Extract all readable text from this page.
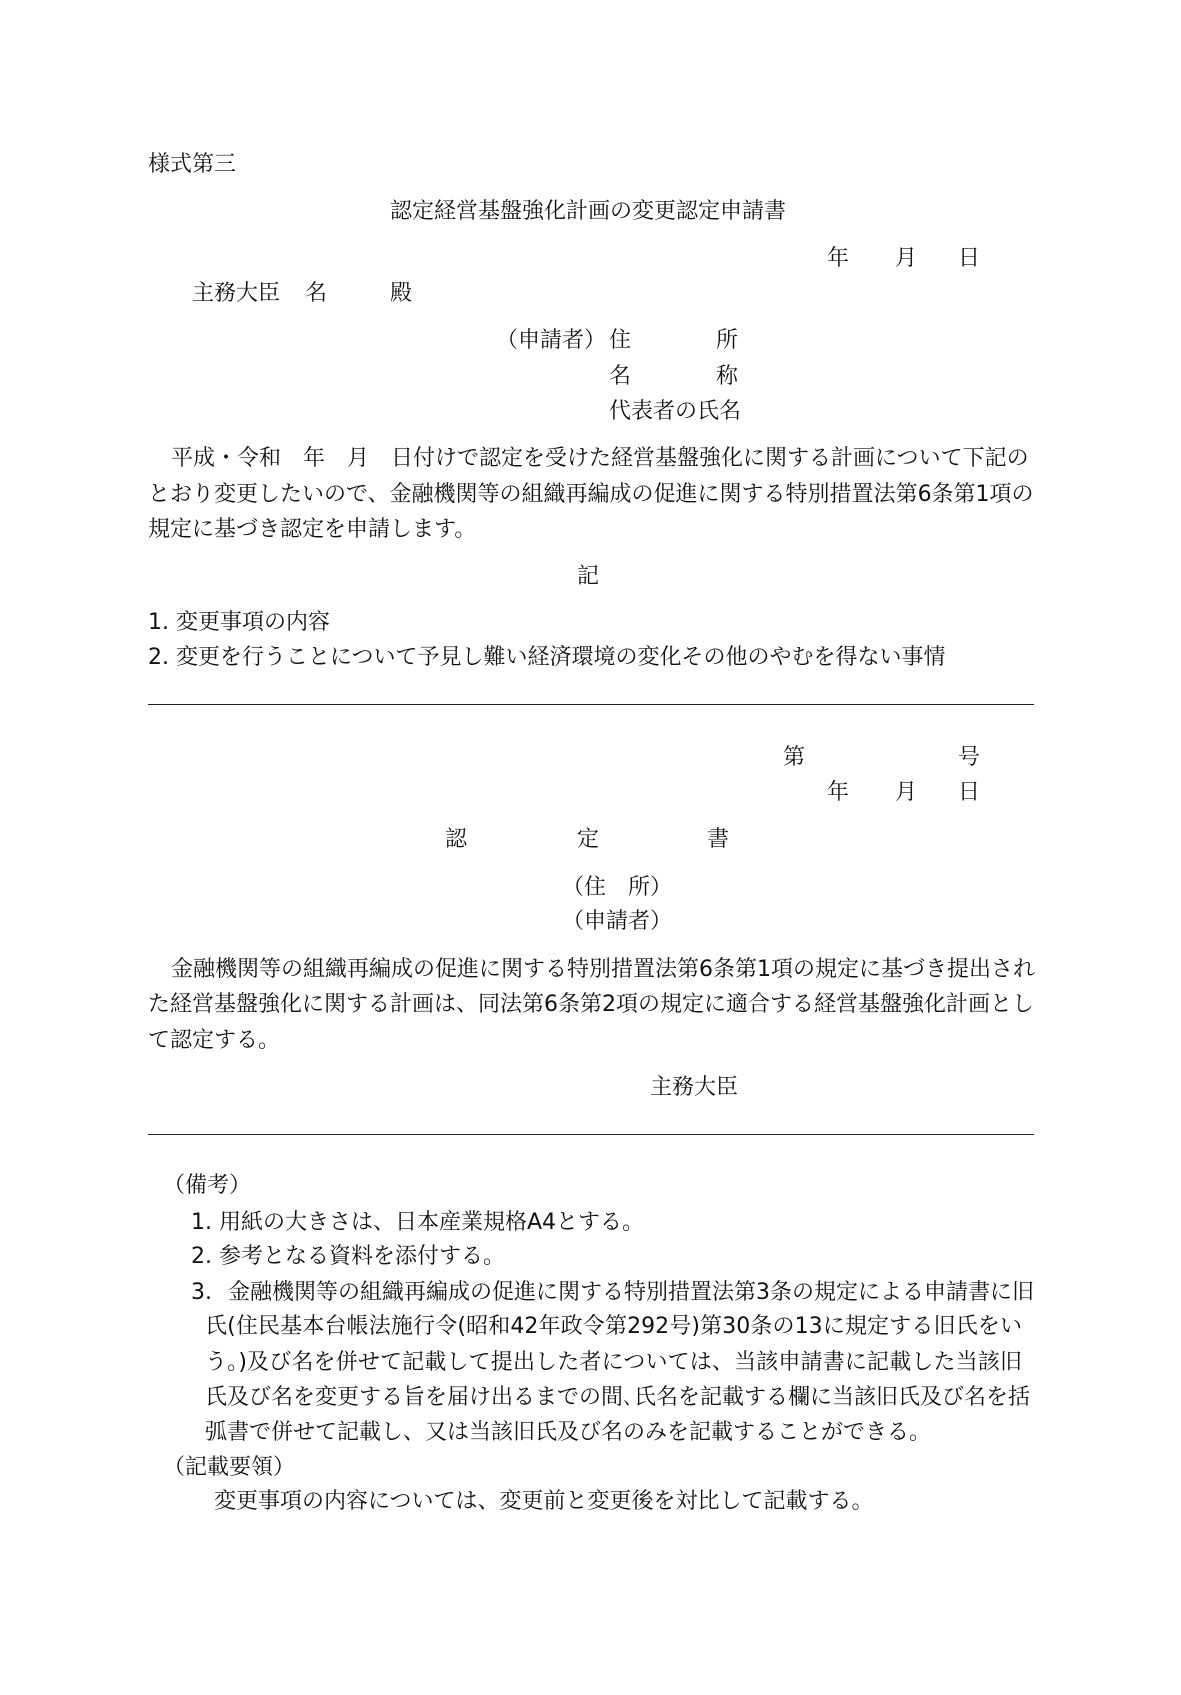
様式第三
認定経営基盤強化計画の変更認定申請書
年 月 日
主務大臣 名	殿
（申請者） 住	所
名	称
代表者の氏名
平成・令和　年　月　日付けで認定を受けた経営基盤強化に関する計画について下記の
とおり変更したいので、金融機関等の組織再編成の促進に関する特別措置法第6条第1項の
規定に基づき認定を申請します。
記
1. 変更事項の内容
2. 変更を行うことについて予見し難い経済環境の変化その他のやむを得ない事情
第	号
年 月 日
認	定	書
（住　所）
（申請者）
金融機関等の組織再編成の促進に関する特別措置法第6条第1項の規定に基づき提出され
た経営基盤強化に関する計画は、同法第6条第2項の規定に適合する経営基盤強化計画とし
て認定する。
主務大臣
（備考）
1. 用紙の大きさは、日本産業規格A4とする。
2. 参考となる資料を添付する。
3. 金融機関等の組織再編成の促進に関する特別措置法第3条の規定による申請書に旧
氏(住民基本台帳法施行令(昭和42年政令第292号)第30条の13に規定する旧氏をい
う。)及び名を併せて記載して提出した者については、当該申請書に記載した当該旧
氏及び名を変更する旨を届け出るまでの間､氏名を記載する欄に当該旧氏及び名を括
弧書で併せて記載し、又は当該旧氏及び名のみを記載することができる。
（記載要領）
変更事項の内容については、変更前と変更後を対比して記載する。
